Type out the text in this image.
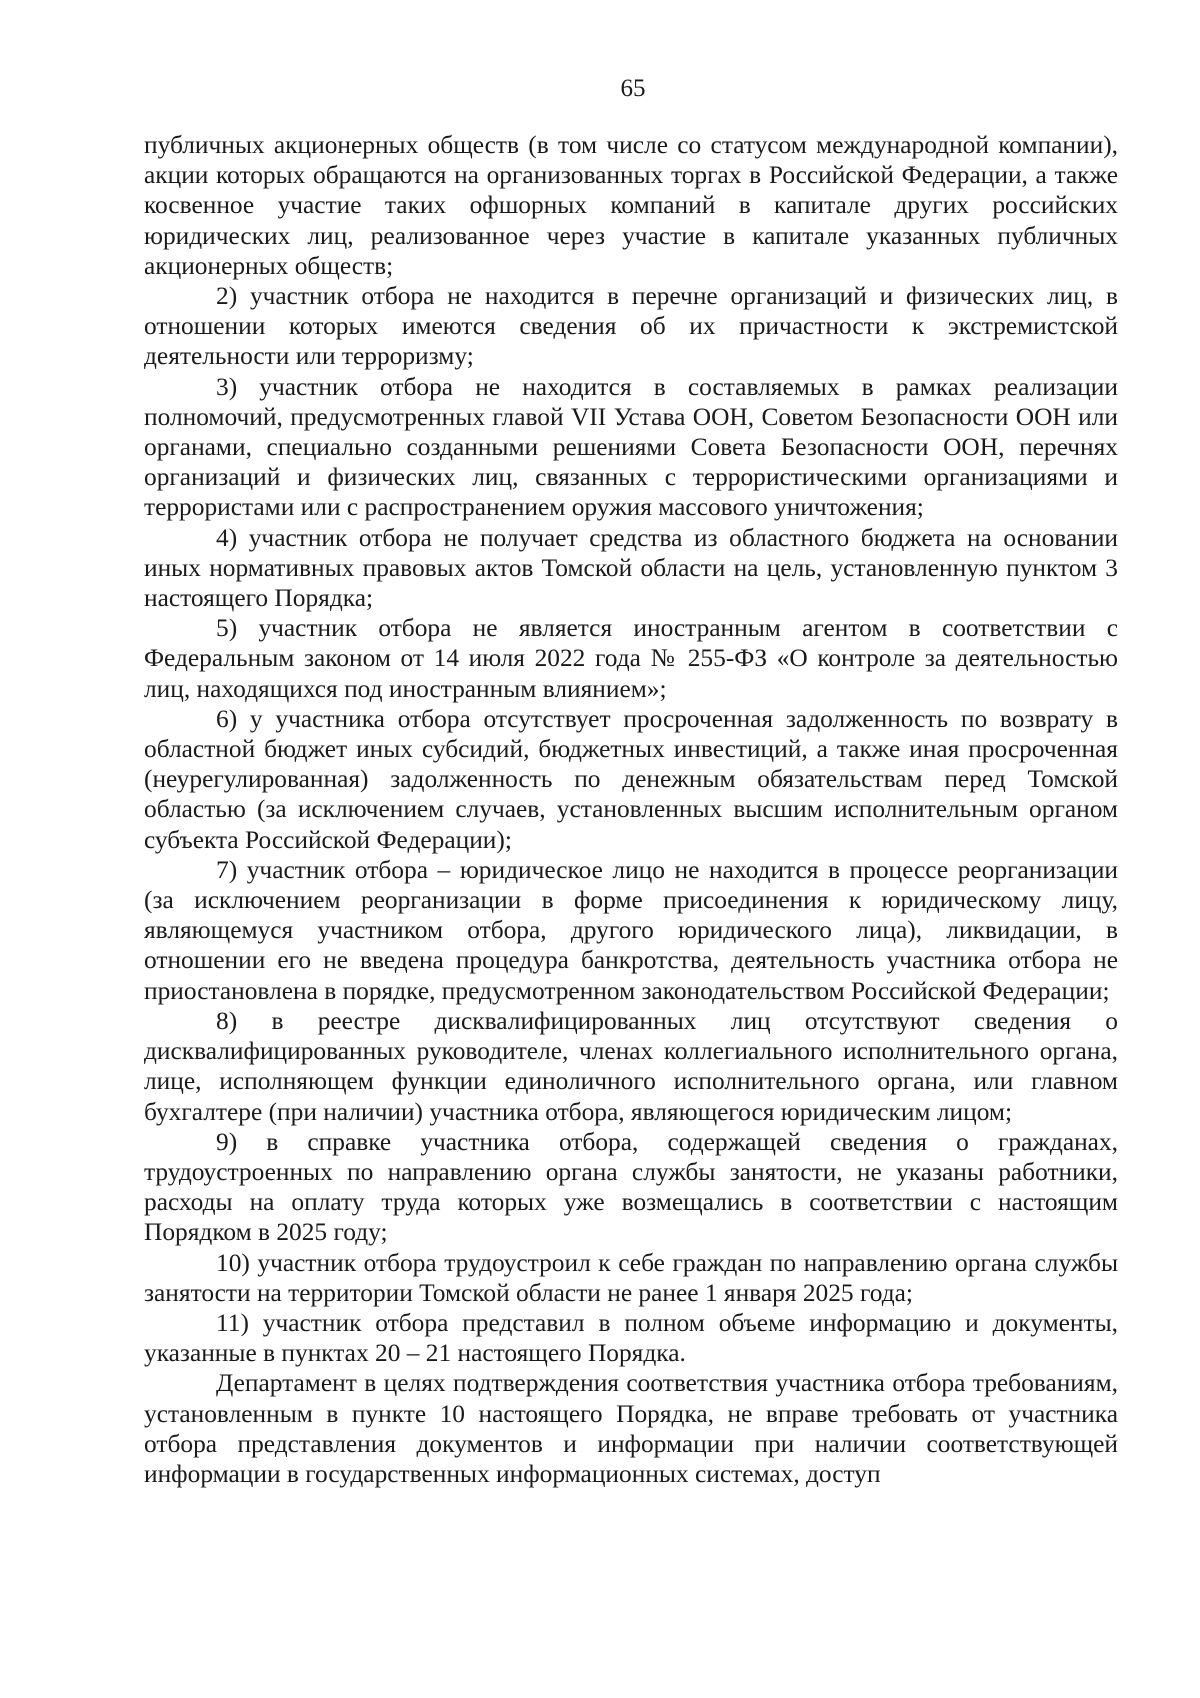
65

публичных акционерных обществ (в том числе со статусом международной компании), акции которых обращаются на организованных торгах в Российской Федерации, а также косвенное участие таких офшорных компаний в капитале других российских юридических лиц, реализованное через участие в капитале указанных публичных акционерных обществ;

2) участник отбора не находится в перечне организаций и физических лиц, в отношении которых имеются сведения об их причастности к экстремистской деятельности или терроризму;

3) участник отбора не находится в составляемых в рамках реализации полномочий, предусмотренных главой VII Устава ООН, Советом Безопасности ООН или органами, специально созданными решениями Совета Безопасности ООН, перечнях организаций и физических лиц, связанных с террористическими организациями и террористами или с распространением оружия массового уничтожения;

4) участник отбора не получает средства из областного бюджета на основании иных нормативных правовых актов Томской области на цель, установленную пунктом 3 настоящего Порядка;

5) участник отбора не является иностранным агентом в соответствии с Федеральным законом от 14 июля 2022 года № 255-ФЗ «О контроле за деятельностью лиц, находящихся под иностранным влиянием»;

6) у участника отбора отсутствует просроченная задолженность по возврату в областной бюджет иных субсидий, бюджетных инвестиций, а также иная просроченная (неурегулированная) задолженность по денежным обязательствам перед Томской областью (за исключением случаев, установленных высшим исполнительным органом субъекта Российской Федерации);

7) участник отбора – юридическое лицо не находится в процессе реорганизации (за исключением реорганизации в форме присоединения к юридическому лицу, являющемуся участником отбора, другого юридического лица), ликвидации, в отношении его не введена процедура банкротства, деятельность участника отбора не приостановлена в порядке, предусмотренном законодательством Российской Федерации;

8) в реестре дисквалифицированных лиц отсутствуют сведения о дисквалифицированных руководителе, членах коллегиального исполнительного органа, лице, исполняющем функции единоличного исполнительного органа, или главном бухгалтере (при наличии) участника отбора, являющегося юридическим лицом;

9) в справке участника отбора, содержащей сведения о гражданах, трудоустроенных по направлению органа службы занятости, не указаны работники, расходы на оплату труда которых уже возмещались в соответствии с настоящим Порядком в 2025 году;

10) участник отбора трудоустроил к себе граждан по направлению органа службы занятости на территории Томской области не ранее 1 января 2025 года;

11) участник отбора представил в полном объеме информацию и документы, указанные в пунктах 20 – 21 настоящего Порядка.

Департамент в целях подтверждения соответствия участника отбора требованиям, установленным в пункте 10 настоящего Порядка, не вправе требовать от участника отбора представления документов и информации при наличии соответствующей информации в государственных информационных системах, доступ
